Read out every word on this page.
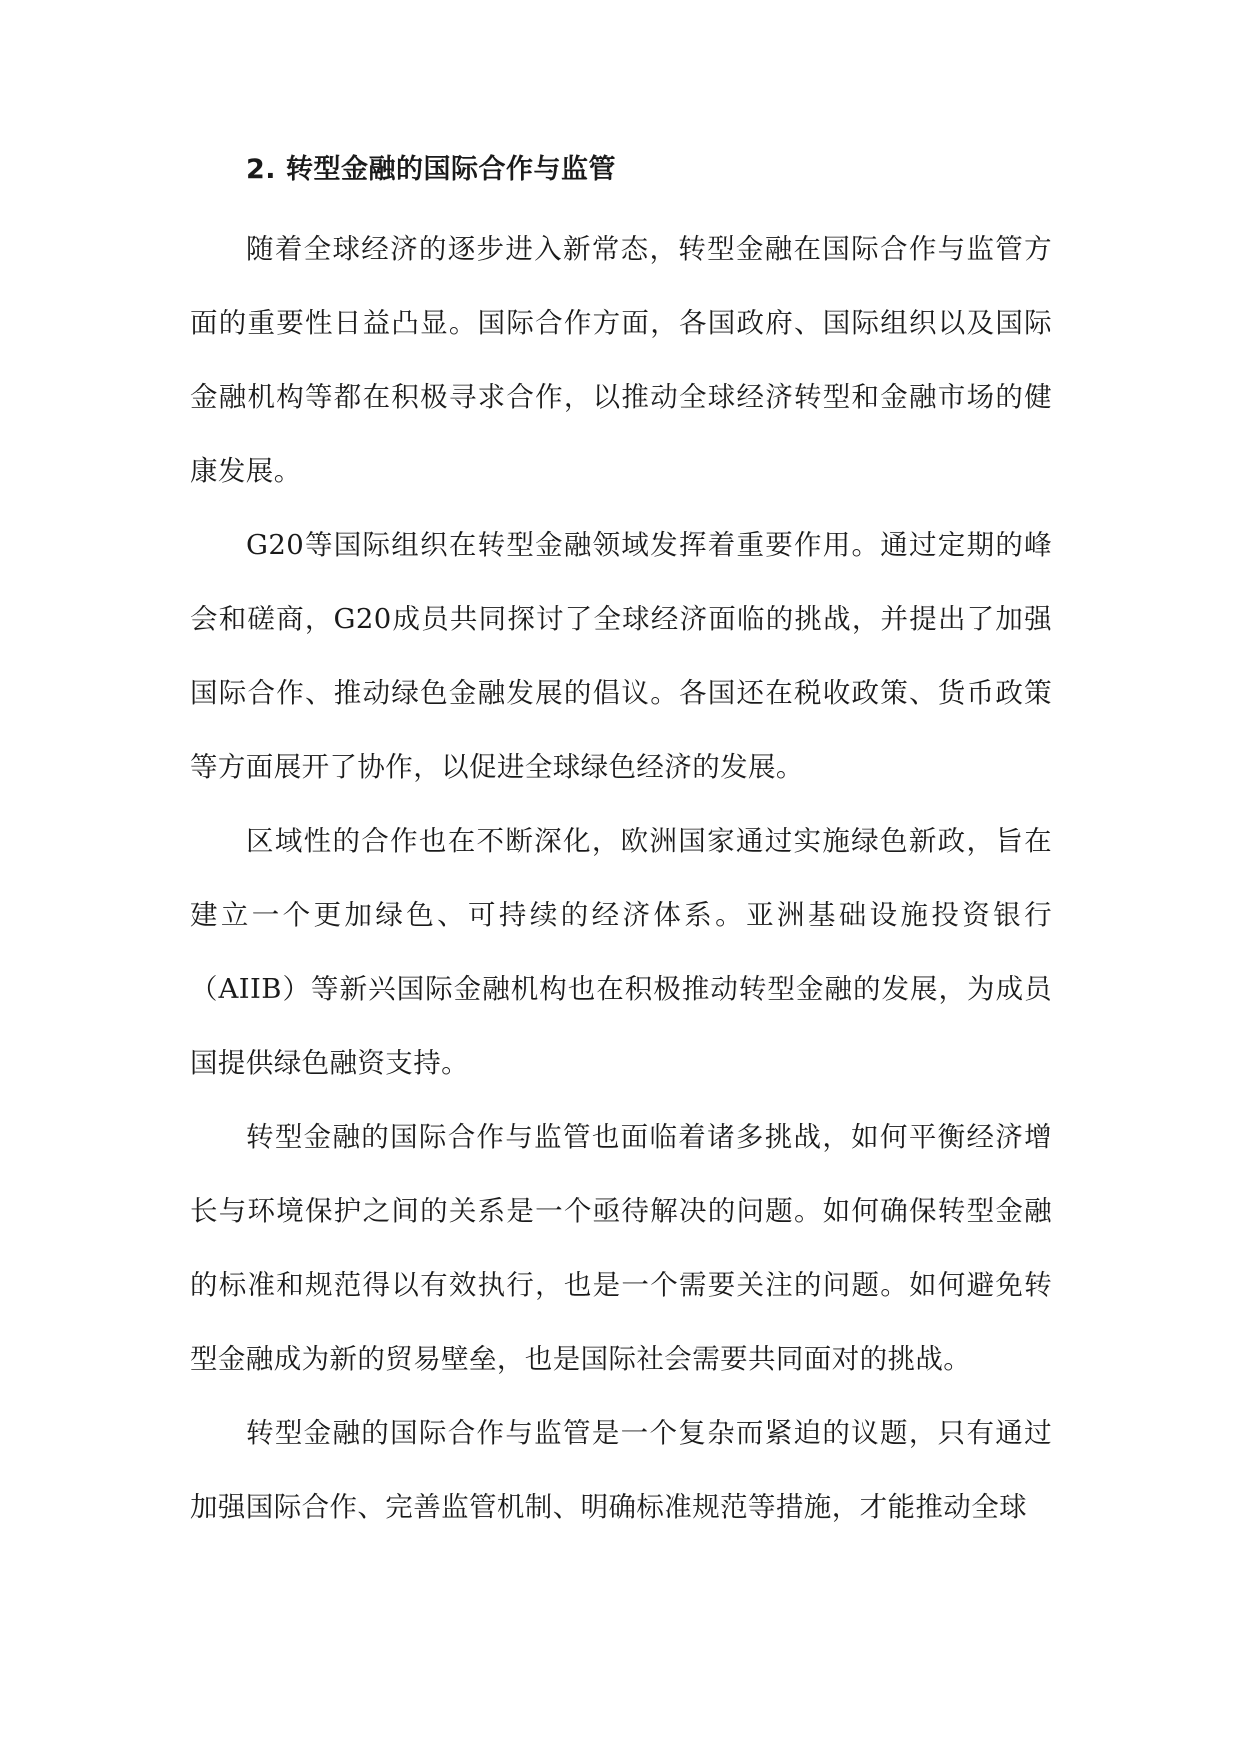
2. 转型金融的国际合作与监管

随着全球经济的逐步进入新常态，转型金融在国际合作与监管方面的重要性日益凸显。国际合作方面，各国政府、国际组织以及国际金融机构等都在积极寻求合作，以推动全球经济转型和金融市场的健康发展。

G20等国际组织在转型金融领域发挥着重要作用。通过定期的峰会和磋商，G20成员共同探讨了全球经济面临的挑战，并提出了加强国际合作、推动绿色金融发展的倡议。各国还在税收政策、货币政策等方面展开了协作，以促进全球绿色经济的发展。

区域性的合作也在不断深化，欧洲国家通过实施绿色新政，旨在建立一个更加绿色、可持续的经济体系。亚洲基础设施投资银行（AIIB）等新兴国际金融机构也在积极推动转型金融的发展，为成员国提供绿色融资支持。

转型金融的国际合作与监管也面临着诸多挑战，如何平衡经济增长与环境保护之间的关系是一个亟待解决的问题。如何确保转型金融的标准和规范得以有效执行，也是一个需要关注的问题。如何避免转型金融成为新的贸易壁垒，也是国际社会需要共同面对的挑战。

转型金融的国际合作与监管是一个复杂而紧迫的议题，只有通过加强国际合作、完善监管机制、明确标准规范等措施，才能推动全球
